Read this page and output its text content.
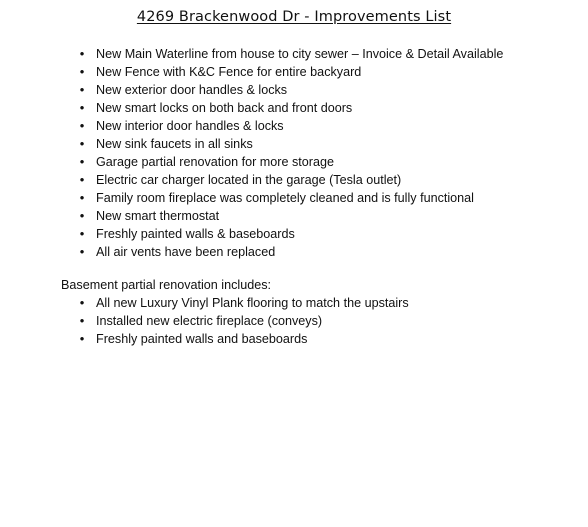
4269 Brackenwood Dr - Improvements List
• New Main Waterline from house to city sewer – Invoice & Detail Available
• New Fence with K&C Fence for entire backyard
• New exterior door handles & locks
• New smart locks on both back and front doors
• New interior door handles & locks
• New sink faucets in all sinks
• Garage partial renovation for more storage
• Electric car charger located in the garage (Tesla outlet)
• Family room fireplace was completely cleaned and is fully functional
• New smart thermostat
• Freshly painted walls & baseboards
• All air vents have been replaced
Basement partial renovation includes:
• All new Luxury Vinyl Plank flooring to match the upstairs
• Installed new electric fireplace (conveys)
• Freshly painted walls and baseboards
